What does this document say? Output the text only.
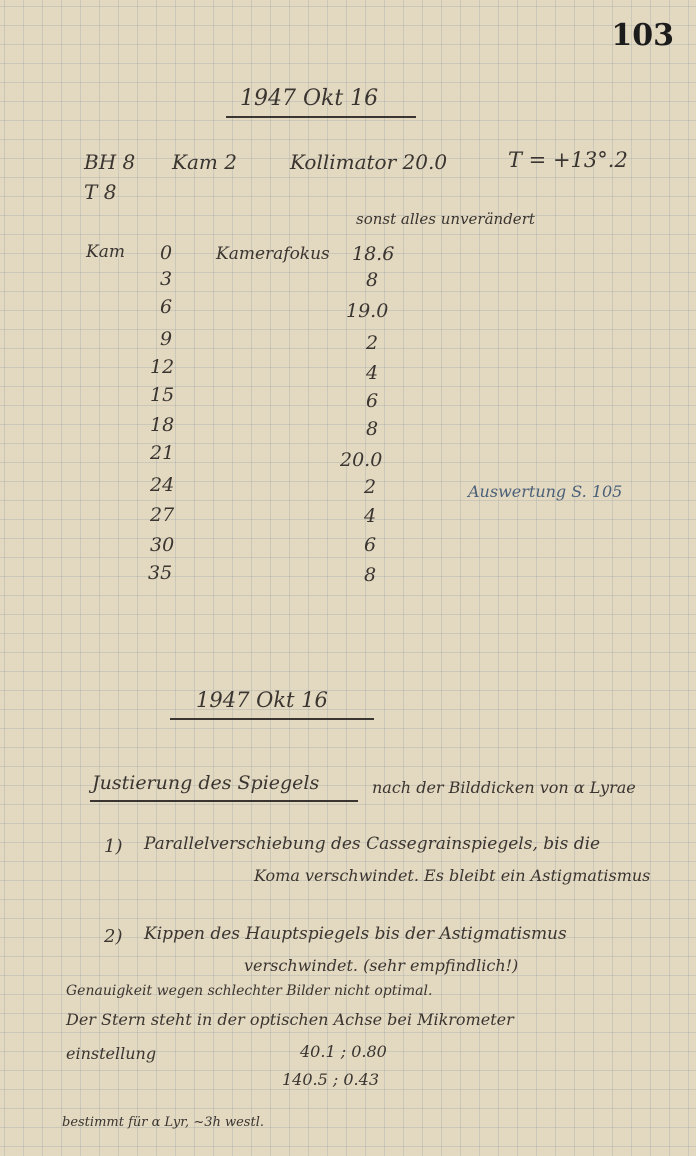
103
1947 Okt 16
BH 8 Kam 2	Kollimator 20.0	T = +13°.2
T 8
sonst alles unverändert
Kam 0	Kamerafokus 18.6
3	8
6	19.0
9	2
12	4
15	6
18	8
21	20.0
24	2	Auswertung S. 105
27	4
30	6
35	8
1947 Okt 16
Justierung des Spiegels	nach der Bilddicken von α Lyrae
1) Parallelverschiebung des Cassegrainspiegels, bis die
Koma verschwindet. Es bleibt ein Astigmatismus
2) Kippen des Hauptspiegels bis der Astigmatismus
verschwindet. (sehr empfindlich!)
Genauigkeit wegen schlechter Bilder nicht optimal.
Der Stern steht in der optischen Achse bei Mikrometer
einstellung	40.1 ; 0.80
140.5 ; 0.43
bestimmt für α Lyr, ~3h westl.
